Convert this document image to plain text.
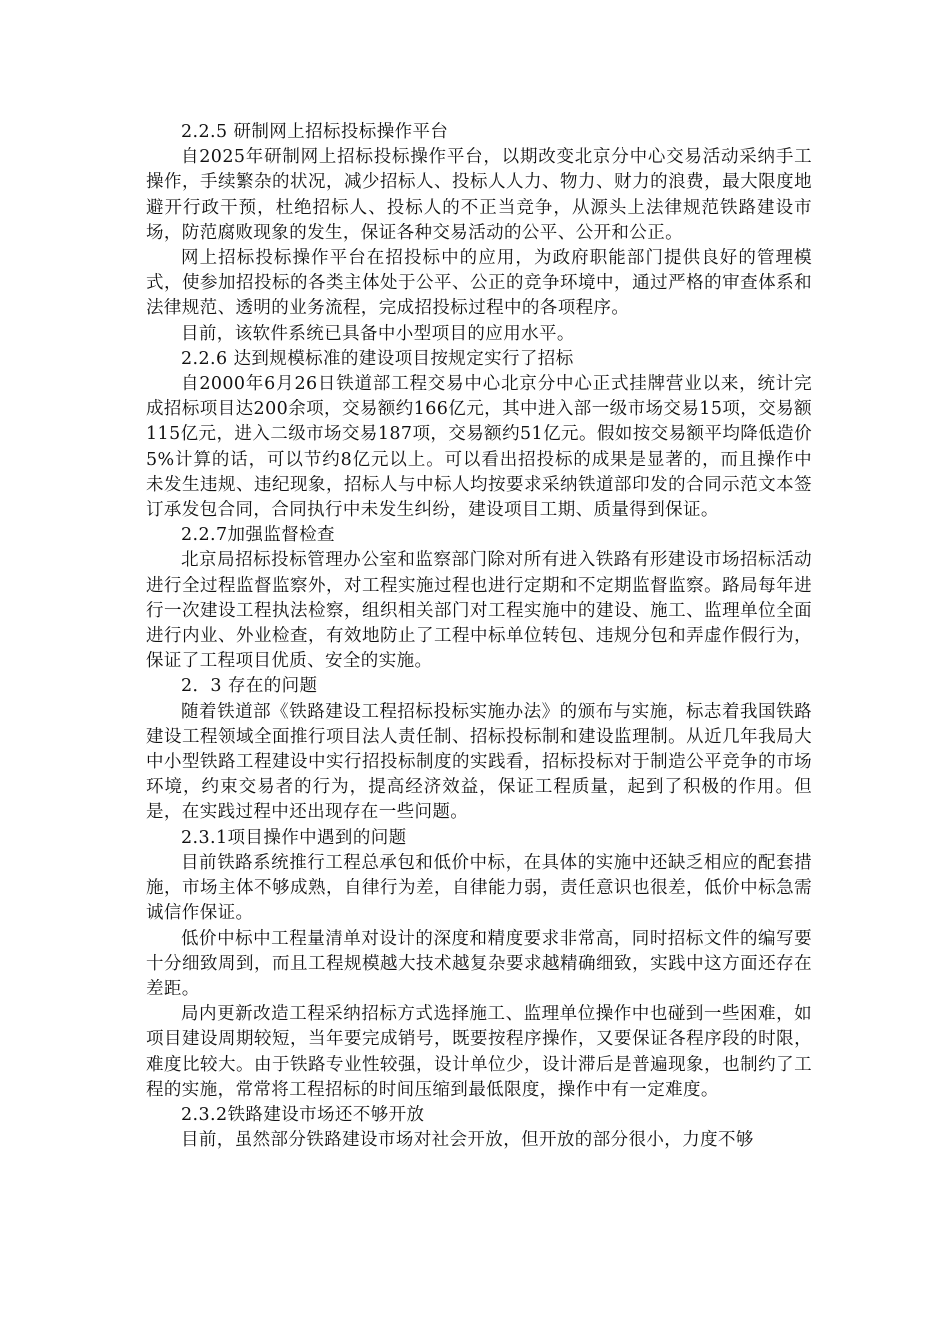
2.2.5 研制网上招标投标操作平台

自2025年研制网上招标投标操作平台，以期改变北京分中心交易活动采纳手工操作，手续繁杂的状况，减少招标人、投标人人力、物力、财力的浪费，最大限度地避开行政干预，杜绝招标人、投标人的不正当竞争，从源头上法律规范铁路建设市场，防范腐败现象的发生，保证各种交易活动的公平、公开和公正。

网上招标投标操作平台在招投标中的应用，为政府职能部门提供良好的管理模式，使参加招投标的各类主体处于公平、公正的竞争环境中，通过严格的审查体系和法律规范、透明的业务流程，完成招投标过程中的各项程序。

目前，该软件系统已具备中小型项目的应用水平。

2.2.6 达到规模标准的建设项目按规定实行了招标

自2000年6月26日铁道部工程交易中心北京分中心正式挂牌营业以来，统计完成招标项目达200余项，交易额约166亿元，其中进入部一级市场交易15项，交易额115亿元，进入二级市场交易187项，交易额约51亿元。假如按交易额平均降低造价5%计算的话，可以节约8亿元以上。可以看出招投标的成果是显著的，而且操作中未发生违规、违纪现象，招标人与中标人均按要求采纳铁道部印发的合同示范文本签订承发包合同，合同执行中未发生纠纷，建设项目工期、质量得到保证。

2.2.7加强监督检查

北京局招标投标管理办公室和监察部门除对所有进入铁路有形建设市场招标活动进行全过程监督监察外，对工程实施过程也进行定期和不定期监督监察。路局每年进行一次建设工程执法检察，组织相关部门对工程实施中的建设、施工、监理单位全面进行内业、外业检查，有效地防止了工程中标单位转包、违规分包和弄虚作假行为，保证了工程项目优质、安全的实施。

2．3 存在的问题

随着铁道部《铁路建设工程招标投标实施办法》的颁布与实施，标志着我国铁路建设工程领域全面推行项目法人责任制、招标投标制和建设监理制。从近几年我局大中小型铁路工程建设中实行招投标制度的实践看，招标投标对于制造公平竞争的市场环境，约束交易者的行为，提高经济效益，保证工程质量，起到了积极的作用。但是，在实践过程中还出现存在一些问题。

2.3.1项目操作中遇到的问题

目前铁路系统推行工程总承包和低价中标，在具体的实施中还缺乏相应的配套措施，市场主体不够成熟，自律行为差，自律能力弱，责任意识也很差，低价中标急需诚信作保证。

低价中标中工程量清单对设计的深度和精度要求非常高，同时招标文件的编写要十分细致周到，而且工程规模越大技术越复杂要求越精确细致，实践中这方面还存在差距。

局内更新改造工程采纳招标方式选择施工、监理单位操作中也碰到一些困难，如项目建设周期较短，当年要完成销号，既要按程序操作，又要保证各程序段的时限，难度比较大。由于铁路专业性较强，设计单位少，设计滞后是普遍现象，也制约了工程的实施，常常将工程招标的时间压缩到最低限度，操作中有一定难度。

2.3.2铁路建设市场还不够开放

目前，虽然部分铁路建设市场对社会开放，但开放的部分很小，力度不够
